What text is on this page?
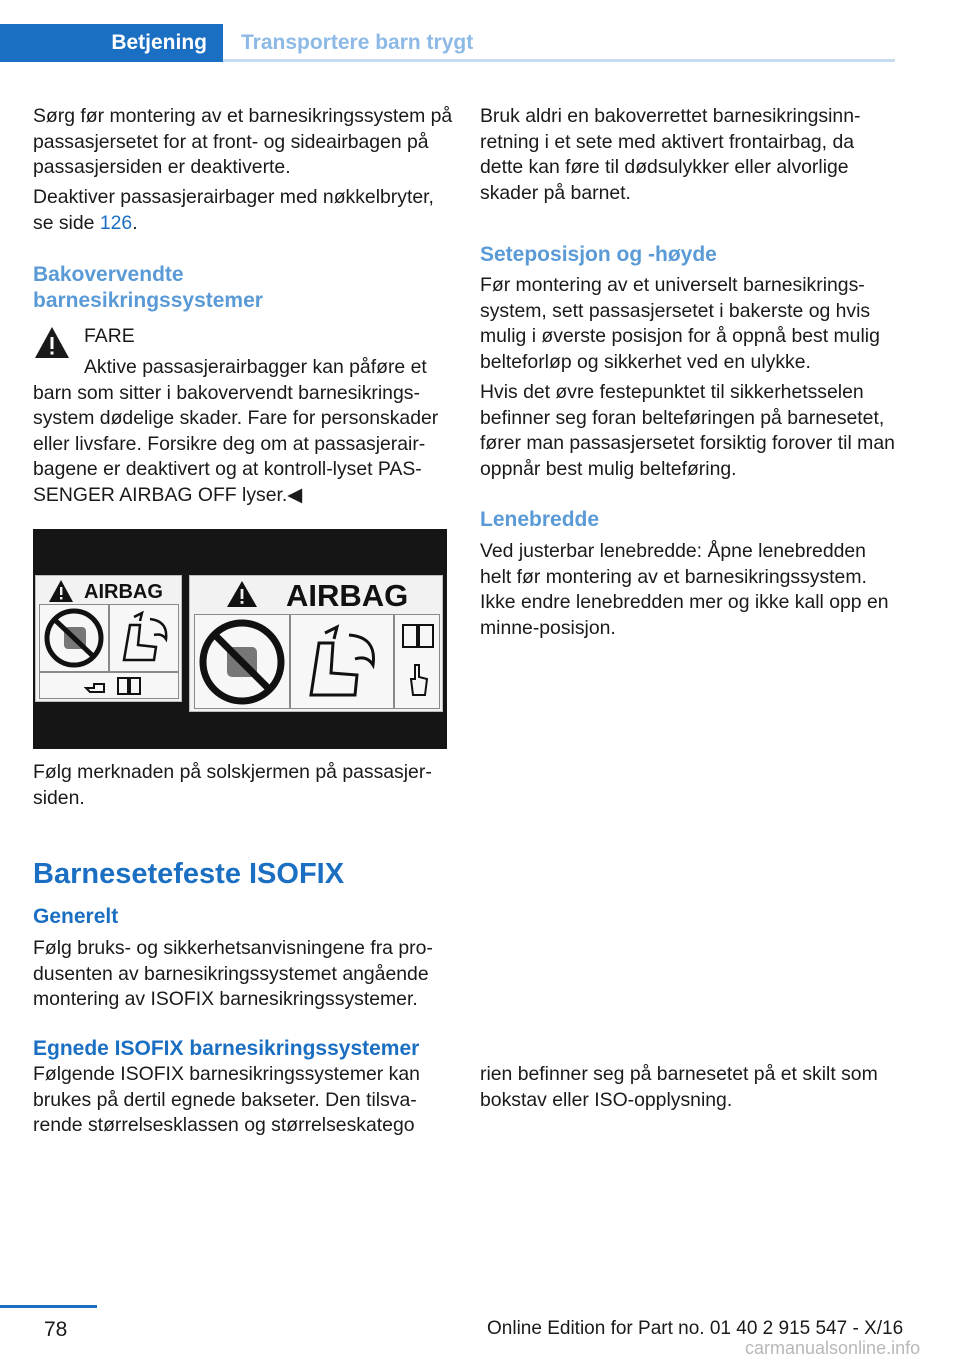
Betjening	Transportere barn trygt

Sørg før montering av et barnesikringssystem på passasjersetet for at front- og sideairbagen på passasjersiden er deaktiverte.

Deaktiver passasjerairbager med nøkkelbryter, se side 126.

Bakovervendte barnesikringssystemer

FARE

Aktive passasjerairbagger kan påføre et barn som sitter i bakovervendt barnesikringssystem dødelige skader. Fare for personskader eller livsfare. Forsikre deg om at passasjerairbagene er deaktivert og at kontroll-lyset PASSENGER AIRBAG OFF lyser.◀

AIRBAG	AIRBAG

Følg merknaden på solskjermen på passasjersiden.

Barnesetefeste ISOFIX
Generelt

Følg bruks- og sikkerhetsanvisningene fra produsenten av barnesikringssystemet angående montering av ISOFIX barnesikringssystemer.

Egnede ISOFIX barnesikringssystemer

Følgende ISOFIX barnesikringssystemer kan brukes på dertil egnede bakseter. Den tilsvarende størrelsesklassen og størrelseskatego

Bruk aldri en bakoverrettet barnesikringsinnretning i et sete med aktivert frontairbag, da dette kan føre til dødsulykker eller alvorlige skader på barnet.

Seteposisjon og -høyde

Før montering av et universelt barnesikringssystem, sett passasjersetet i bakerste og hvis mulig i øverste posisjon for å oppnå best mulig belteforløp og sikkerhet ved en ulykke.

Hvis det øvre festepunktet til sikkerhetsselen befinner seg foran belteføringen på barnesetet, fører man passasjersetet forsiktig forover til man oppnår best mulig belteføring.

Lenebredde

Ved justerbar lenebredde: Åpne lenebredden helt før montering av et barnesikringssystem. Ikke endre lenebredden mer og ikke kall opp en minne-posisjon.

rien befinner seg på barnesetet på et skilt som bokstav eller ISO-opplysning.

78	Online Edition for Part no. 01 40 2 915 547 - X/16
carmanualsonline.info
